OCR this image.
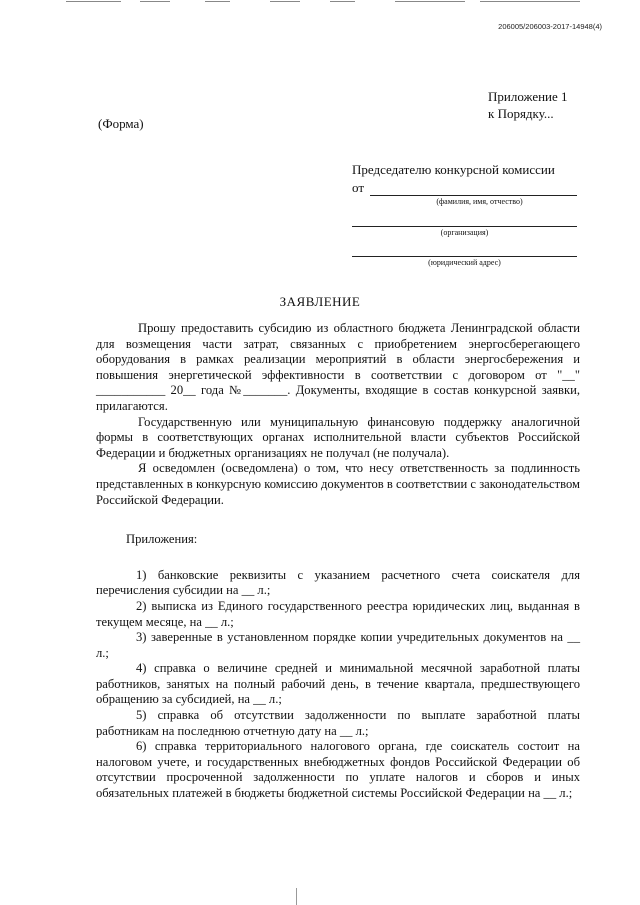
206005/206003-2017-14948(4)
Приложение 1
к Порядку...
(Форма)
Председателю конкурсной комиссии
от
(фамилия, имя, отчество)
(организация)
(юридический адрес)
ЗАЯВЛЕНИЕ

Прошу предоставить субсидию из областного бюджета Ленинградской области для возмещения части затрат, связанных с приобретением энергосберегающего оборудования в рамках реализации мероприятий в области энергосбережения и повышения энергетической эффективности в соответствии с договором от "__" ___________ 20__ года №_______. Документы, входящие в состав конкурсной заявки, прилагаются.

Государственную или муниципальную финансовую поддержку аналогичной формы в соответствующих органах исполнительной власти субъектов Российской Федерации и бюджетных организациях не получал (не получала).

Я осведомлен (осведомлена) о том, что несу ответственность за подлинность представленных в конкурсную комиссию документов в соответствии с законодательством Российской Федерации.

Приложения:

1) банковские реквизиты с указанием расчетного счета соискателя для перечисления субсидии на __ л.;

2) выписка из Единого государственного реестра юридических лиц, выданная в текущем месяце, на __ л.;

3) заверенные в установленном порядке копии учредительных документов на __ л.;

4) справка о величине средней и минимальной месячной заработной платы работников, занятых на полный рабочий день, в течение квартала, предшествующего обращению за субсидией, на __ л.;

5) справка об отсутствии задолженности по выплате заработной платы работникам на последнюю отчетную дату на __ л.;

6) справка территориального налогового органа, где соискатель состоит на налоговом учете, и государственных внебюджетных фондов Российской Федерации об отсутствии просроченной задолженности по уплате налогов и сборов и иных обязательных платежей в бюджеты бюджетной системы Российской Федерации на __ л.;
